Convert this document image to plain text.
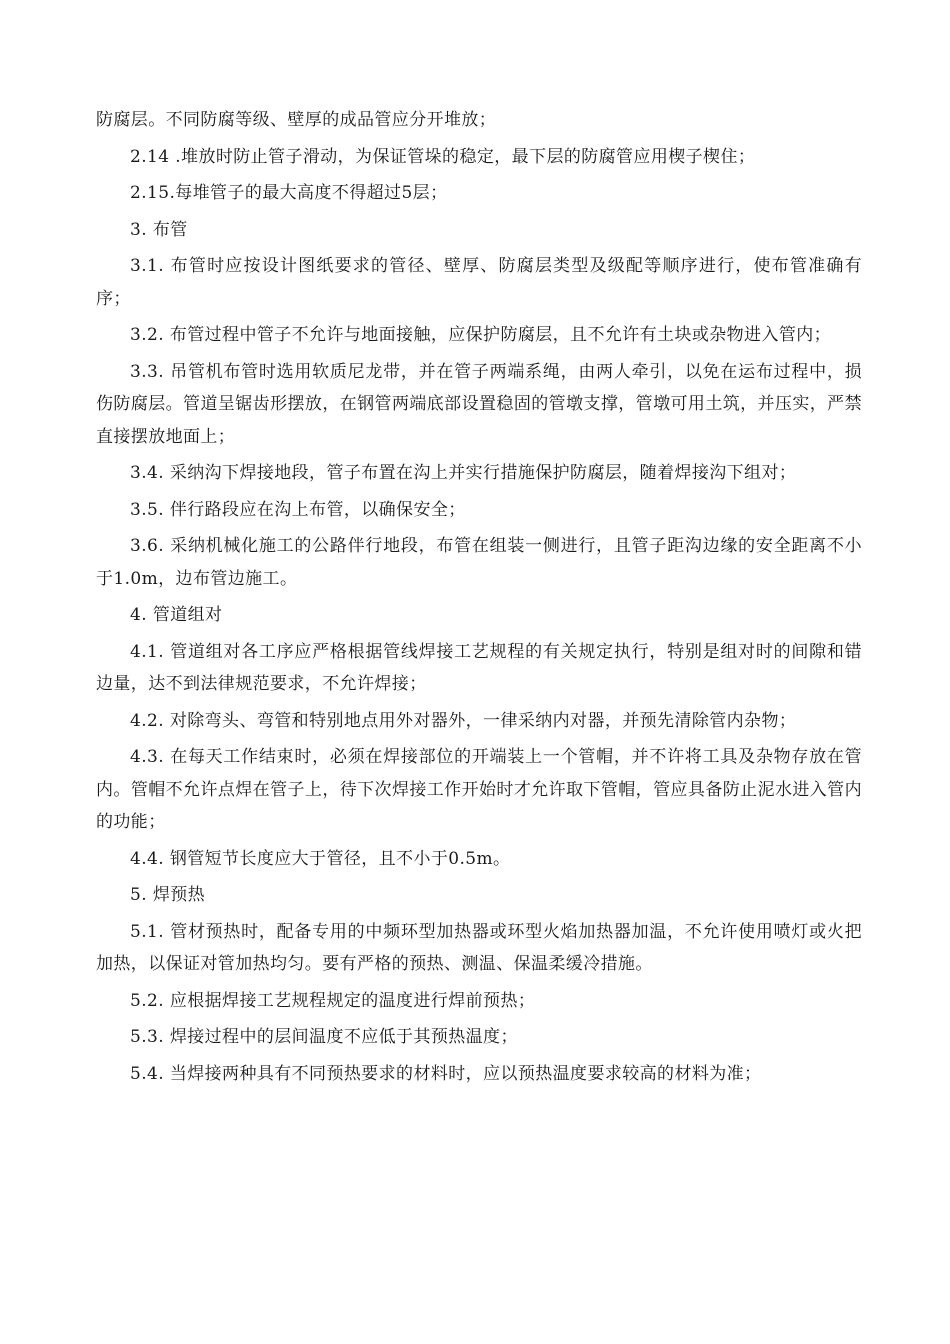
防腐层。不同防腐等级、壁厚的成品管应分开堆放；

2.14 .堆放时防止管子滑动，为保证管垛的稳定，最下层的防腐管应用楔子楔住；

2.15.每堆管子的最大高度不得超过5层；

3. 布管

3.1. 布管时应按设计图纸要求的管径、壁厚、防腐层类型及级配等顺序进行，使布管准确有序；

3.2. 布管过程中管子不允许与地面接触，应保护防腐层，且不允许有土块或杂物进入管内；

3.3. 吊管机布管时选用软质尼龙带，并在管子两端系绳，由两人牵引，以免在运布过程中，损伤防腐层。管道呈锯齿形摆放，在钢管两端底部设置稳固的管墩支撑，管墩可用土筑，并压实，严禁直接摆放地面上；

3.4. 采纳沟下焊接地段，管子布置在沟上并实行措施保护防腐层，随着焊接沟下组对；

3.5. 伴行路段应在沟上布管，以确保安全；

3.6. 采纳机械化施工的公路伴行地段，布管在组装一侧进行，且管子距沟边缘的安全距离不小于1.0m，边布管边施工。

4. 管道组对

4.1. 管道组对各工序应严格根据管线焊接工艺规程的有关规定执行，特别是组对时的间隙和错边量，达不到法律规范要求，不允许焊接；

4.2. 对除弯头、弯管和特别地点用外对器外，一律采纳内对器，并预先清除管内杂物；

4.3. 在每天工作结束时，必须在焊接部位的开端装上一个管帽，并不许将工具及杂物存放在管内。管帽不允许点焊在管子上，待下次焊接工作开始时才允许取下管帽，管应具备防止泥水进入管内的功能；

4.4. 钢管短节长度应大于管径，且不小于0.5m。

5. 焊预热

5.1. 管材预热时，配备专用的中频环型加热器或环型火焰加热器加温，不允许使用喷灯或火把加热，以保证对管加热均匀。要有严格的预热、测温、保温柔缓冷措施。

5.2. 应根据焊接工艺规程规定的温度进行焊前预热；

5.3. 焊接过程中的层间温度不应低于其预热温度；

5.4. 当焊接两种具有不同预热要求的材料时，应以预热温度要求较高的材料为准；
